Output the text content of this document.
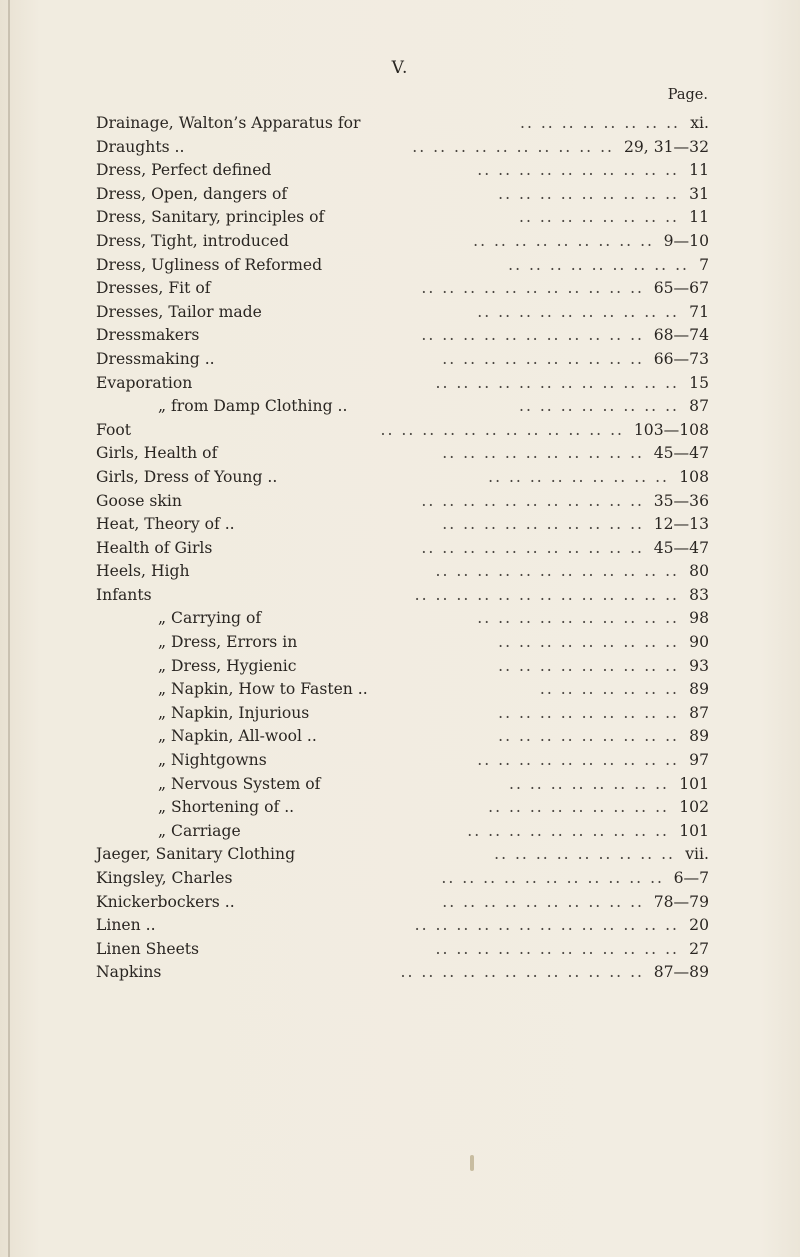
V.
Page.
.. .. .. .. .. .. .. ..
Drainage, Walton’s Apparatus for	xi.
.. .. .. .. .. .. .. .. .. ..
Draughts ..	29, 31—32
.. .. .. .. .. .. .. .. .. ..
Dress, Perfect defined	11
.. .. .. .. .. .. .. .. ..
Dress, Open, dangers of	31
.. .. .. .. .. .. .. ..
Dress, Sanitary, principles of	11
.. .. .. .. .. .. .. .. ..
Dress, Tight, introduced	9—10
.. .. .. .. .. .. .. .. ..
Dress, Ugliness of Reformed	7
.. .. .. .. .. .. .. .. .. .. ..
Dresses, Fit of	65—67
.. .. .. .. .. .. .. .. .. ..
Dresses, Tailor made	71
.. .. .. .. .. .. .. .. .. .. ..
Dressmakers	68—74
.. .. .. .. .. .. .. .. .. ..
Dressmaking ..	66—73
.. .. .. .. .. .. .. .. .. .. .. ..
Evaporation	15
.. .. .. .. .. .. .. ..
„ from Damp Clothing ..	87
.. .. .. .. .. .. .. .. .. .. .. ..
Foot	103—108
.. .. .. .. .. .. .. .. .. ..
Girls, Health of	45—47
.. .. .. .. .. .. .. .. ..
Girls, Dress of Young ..	108
.. .. .. .. .. .. .. .. .. .. ..
Goose skin	35—36
.. .. .. .. .. .. .. .. .. ..
Heat, Theory of ..	12—13
.. .. .. .. .. .. .. .. .. .. ..
Health of Girls	45—47
.. .. .. .. .. .. .. .. .. .. .. ..
Heels, High	80
.. .. .. .. .. .. .. .. .. .. .. .. ..
Infants	83
.. .. .. .. .. .. .. .. .. ..
„ Carrying of	98
.. .. .. .. .. .. .. .. ..
„ Dress, Errors in	90
.. .. .. .. .. .. .. .. ..
„ Dress, Hygienic	93
.. .. .. .. .. .. ..
„ Napkin, How to Fasten ..	89
.. .. .. .. .. .. .. .. ..
„ Napkin, Injurious	87
.. .. .. .. .. .. .. .. ..
„ Napkin, All-wool ..	89
.. .. .. .. .. .. .. .. .. ..
„ Nightgowns	97
.. .. .. .. .. .. .. ..
„ Nervous System of	101
.. .. .. .. .. .. .. .. ..
„ Shortening of ..	102
.. .. .. .. .. .. .. .. .. ..
„ Carriage	101
.. .. .. .. .. .. .. .. ..
Jaeger, Sanitary Clothing	vii.
.. .. .. .. .. .. .. .. .. .. ..
Kingsley, Charles	6—7
.. .. .. .. .. .. .. .. .. ..
Knickerbockers ..	78—79
.. .. .. .. .. .. .. .. .. .. .. .. ..
Linen ..	20
.. .. .. .. .. .. .. .. .. .. .. ..
Linen Sheets	27
.. .. .. .. .. .. .. .. .. .. .. ..
Napkins	87—89
